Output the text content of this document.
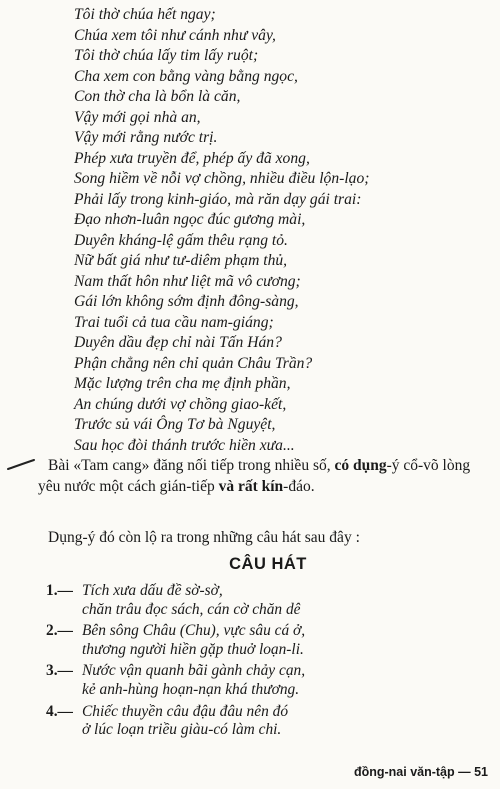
Tôi thờ chúa hết ngay;
Chúa xem tôi như cánh như vây,
Tôi thờ chúa lấy tim lấy ruột;
Cha xem con bằng vàng bằng ngọc,
Con thờ cha là bổn là căn,
Vậy mới gọi nhà an,
Vậy mới rằng nước trị.
Phép xưa truyền để, phép ấy đã xong,
Song hiềm về nỗi vợ chồng, nhiều điều lộn-lạo;
Phải lấy trong kinh-giáo, mà răn dạy gái trai:
Đạo nhơn-luân ngọc đúc gương mài,
Duyên kháng-lệ gấm thêu rạng tỏ.
Nữ bất giá như tư-diêm phạm thủ,
Nam thất hôn như liệt mã vô cương;
Gái lớn không sớm định đông-sàng,
Trai tuổi cả tua cầu nam-giáng;
Duyên dầu đẹp chỉ nài Tấn Hán?
Phận chẳng nên chỉ quản Châu Trần?
Mặc lượng trên cha mẹ định phần,
An chúng dưới vợ chồng giao-kết,
Trước sủ vái Ông Tơ bà Nguyệt,
Sau học đòi thánh trước hiền xưa...
Bài «Tam cang» đăng nối tiếp trong nhiều số, có dụng-ý cổ-võ lòng yêu nước một cách gián-tiếp và rất kín-đáo.
Dụng-ý đó còn lộ ra trong những câu hát sau đây :
CÂU HÁT
1.— Tích xưa dấu đề sờ-sờ,
chăn trâu đọc sách, cán cờ chăn dê
2.— Bên sông Châu (Chu), vực sâu cá ở,
thương người hiền gặp thuở loạn-li.
3.— Nước vận quanh bãi gành chảy cạn,
kẻ anh-hùng hoạn-nạn khá thương.
4.— Chiếc thuyền câu đậu đâu nên đó
ở lúc loạn triều giàu-có làm chi.
đồng-nai văn-tập — 51
